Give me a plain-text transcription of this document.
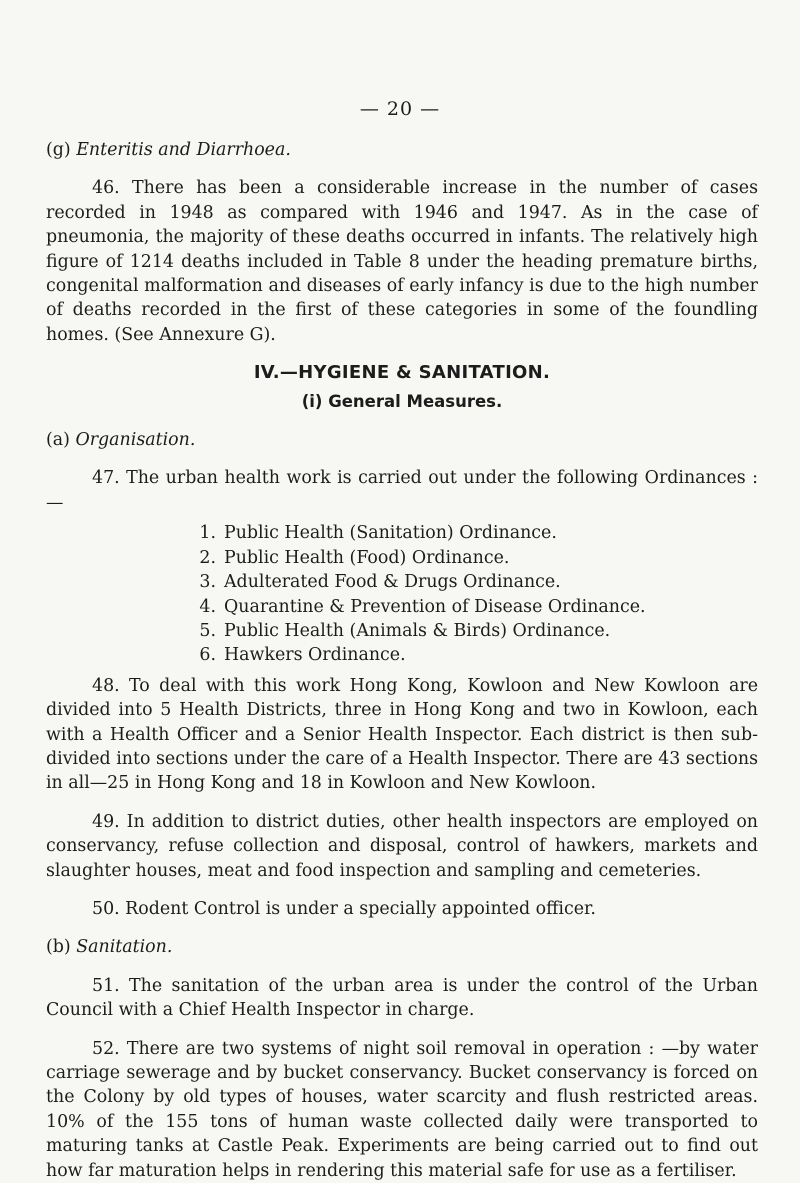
— 20 —

(g) Enteritis and Diarrhoea.

46. There has been a considerable increase in the number of cases recorded in 1948 as compared with 1946 and 1947. As in the case of pneumonia, the majority of these deaths occurred in infants. The relatively high figure of 1214 deaths included in Table 8 under the heading premature births, congenital malformation and diseases of early infancy is due to the high number of deaths recorded in the first of these categories in some of the foundling homes. (See Annexure G).

IV.—HYGIENE & SANITATION.

(i) General Measures.

(a) Organisation.

47. The urban health work is carried out under the following Ordinances : —

1. Public Health (Sanitation) Ordinance.
2. Public Health (Food) Ordinance.
3. Adulterated Food & Drugs Ordinance.
4. Quarantine & Prevention of Disease Ordinance.
5. Public Health (Animals & Birds) Ordinance.
6. Hawkers Ordinance.

48. To deal with this work Hong Kong, Kowloon and New Kowloon are divided into 5 Health Districts, three in Hong Kong and two in Kowloon, each with a Health Officer and a Senior Health Inspector. Each district is then sub-divided into sections under the care of a Health Inspector. There are 43 sections in all—25 in Hong Kong and 18 in Kowloon and New Kowloon.

49. In addition to district duties, other health inspectors are employed on conservancy, refuse collection and disposal, control of hawkers, markets and slaughter houses, meat and food inspection and sampling and cemeteries.

50. Rodent Control is under a specially appointed officer.

(b) Sanitation.

51. The sanitation of the urban area is under the control of the Urban Council with a Chief Health Inspector in charge.

52. There are two systems of night soil removal in operation : —by water carriage sewerage and by bucket conservancy. Bucket conservancy is forced on the Colony by old types of houses, water scarcity and flush restricted areas. 10% of the 155 tons of human waste collected daily were transported to maturing tanks at Castle Peak. Experiments are being carried out to find out how far maturation helps in rendering this material safe for use as a fertiliser.
